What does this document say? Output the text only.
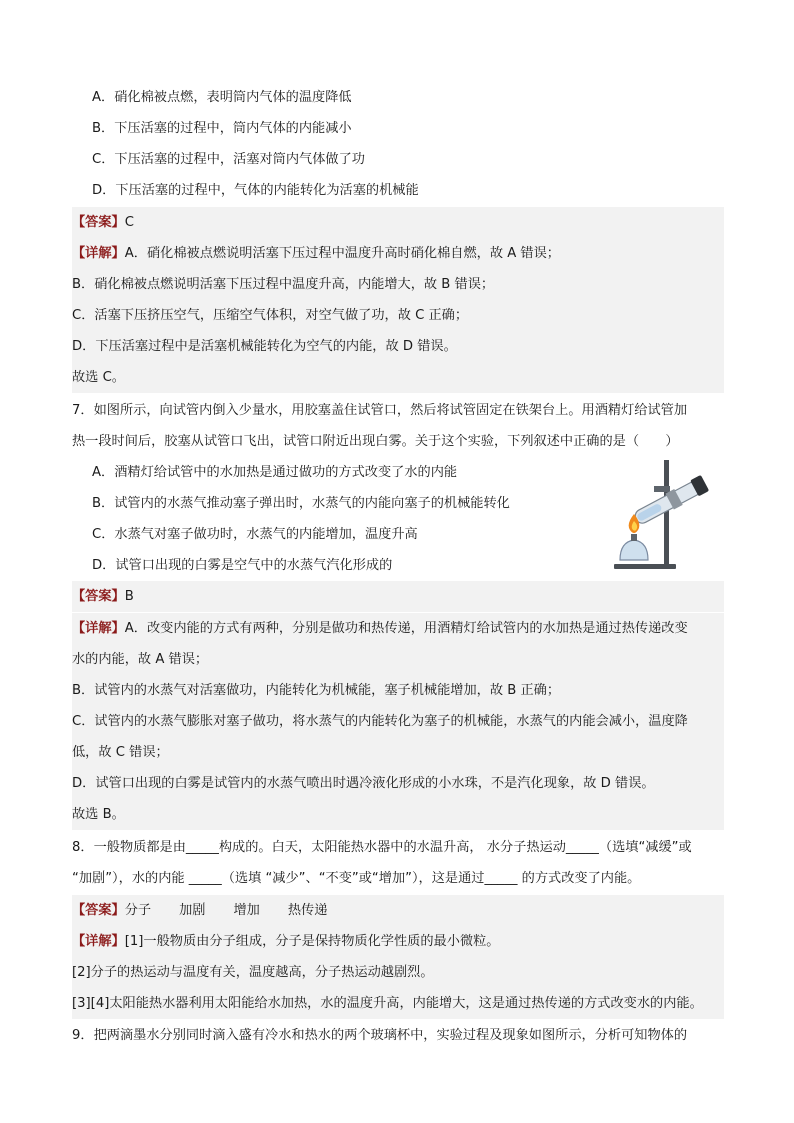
A．硝化棉被点燃，表明筒内气体的温度降低
B．下压活塞的过程中，筒内气体的内能减小
C．下压活塞的过程中，活塞对筒内气体做了功
D．下压活塞的过程中，气体的内能转化为活塞的机械能
【答案】C
【详解】A．硝化棉被点燃说明活塞下压过程中温度升高时硝化棉自燃，故 A 错误；
B．硝化棉被点燃说明活塞下压过程中温度升高，内能增大，故 B 错误；
C．活塞下压挤压空气，压缩空气体积，对空气做了功，故 C 正确；
D．下压活塞过程中是活塞机械能转化为空气的内能，故 D 错误。
故选 C。
7．如图所示，向试管内倒入少量水，用胶塞盖住试管口，然后将试管固定在铁架台上。用酒精灯给试管加
热一段时间后，胶塞从试管口飞出，试管口附近出现白雾。关于这个实验，下列叙述中正确的是（　　）
A．酒精灯给试管中的水加热是通过做功的方式改变了水的内能
B．试管内的水蒸气推动塞子弹出时，水蒸气的内能向塞子的机械能转化
C．水蒸气对塞子做功时，水蒸气的内能增加，温度升高
D．试管口出现的白雾是空气中的水蒸气汽化形成的
【答案】B
【详解】A．改变内能的方式有两种，分别是做功和热传递，用酒精灯给试管内的水加热是通过热传递改变
水的内能，故 A 错误；
B．试管内的水蒸气对活塞做功，内能转化为机械能，塞子机械能增加，故 B 正确；
C．试管内的水蒸气膨胀对塞子做功，将水蒸气的内能转化为塞子的机械能，水蒸气的内能会减小，温度降
低，故 C 错误；
D．试管口出现的白雾是试管内的水蒸气喷出时遇冷液化形成的小水珠，不是汽化现象，故 D 错误。
故选 B。
8．一般物质都是由_____构成的。白天，太阳能热水器中的水温升高， 水分子热运动_____（选填“减缓”或
“加剧”），水的内能 _____（选填 “减少”、“不变”或“增加”），这是通过_____ 的方式改变了内能。
【答案】分子 加剧 增加 热传递
【详解】[1]一般物质由分子组成，分子是保持物质化学性质的最小微粒。
[2]分子的热运动与温度有关，温度越高，分子热运动越剧烈。
[3][4]太阳能热水器利用太阳能给水加热，水的温度升高，内能增大，这是通过热传递的方式改变水的内能。
9．把两滴墨水分别同时滴入盛有冷水和热水的两个玻璃杯中，实验过程及现象如图所示，分析可知物体的
